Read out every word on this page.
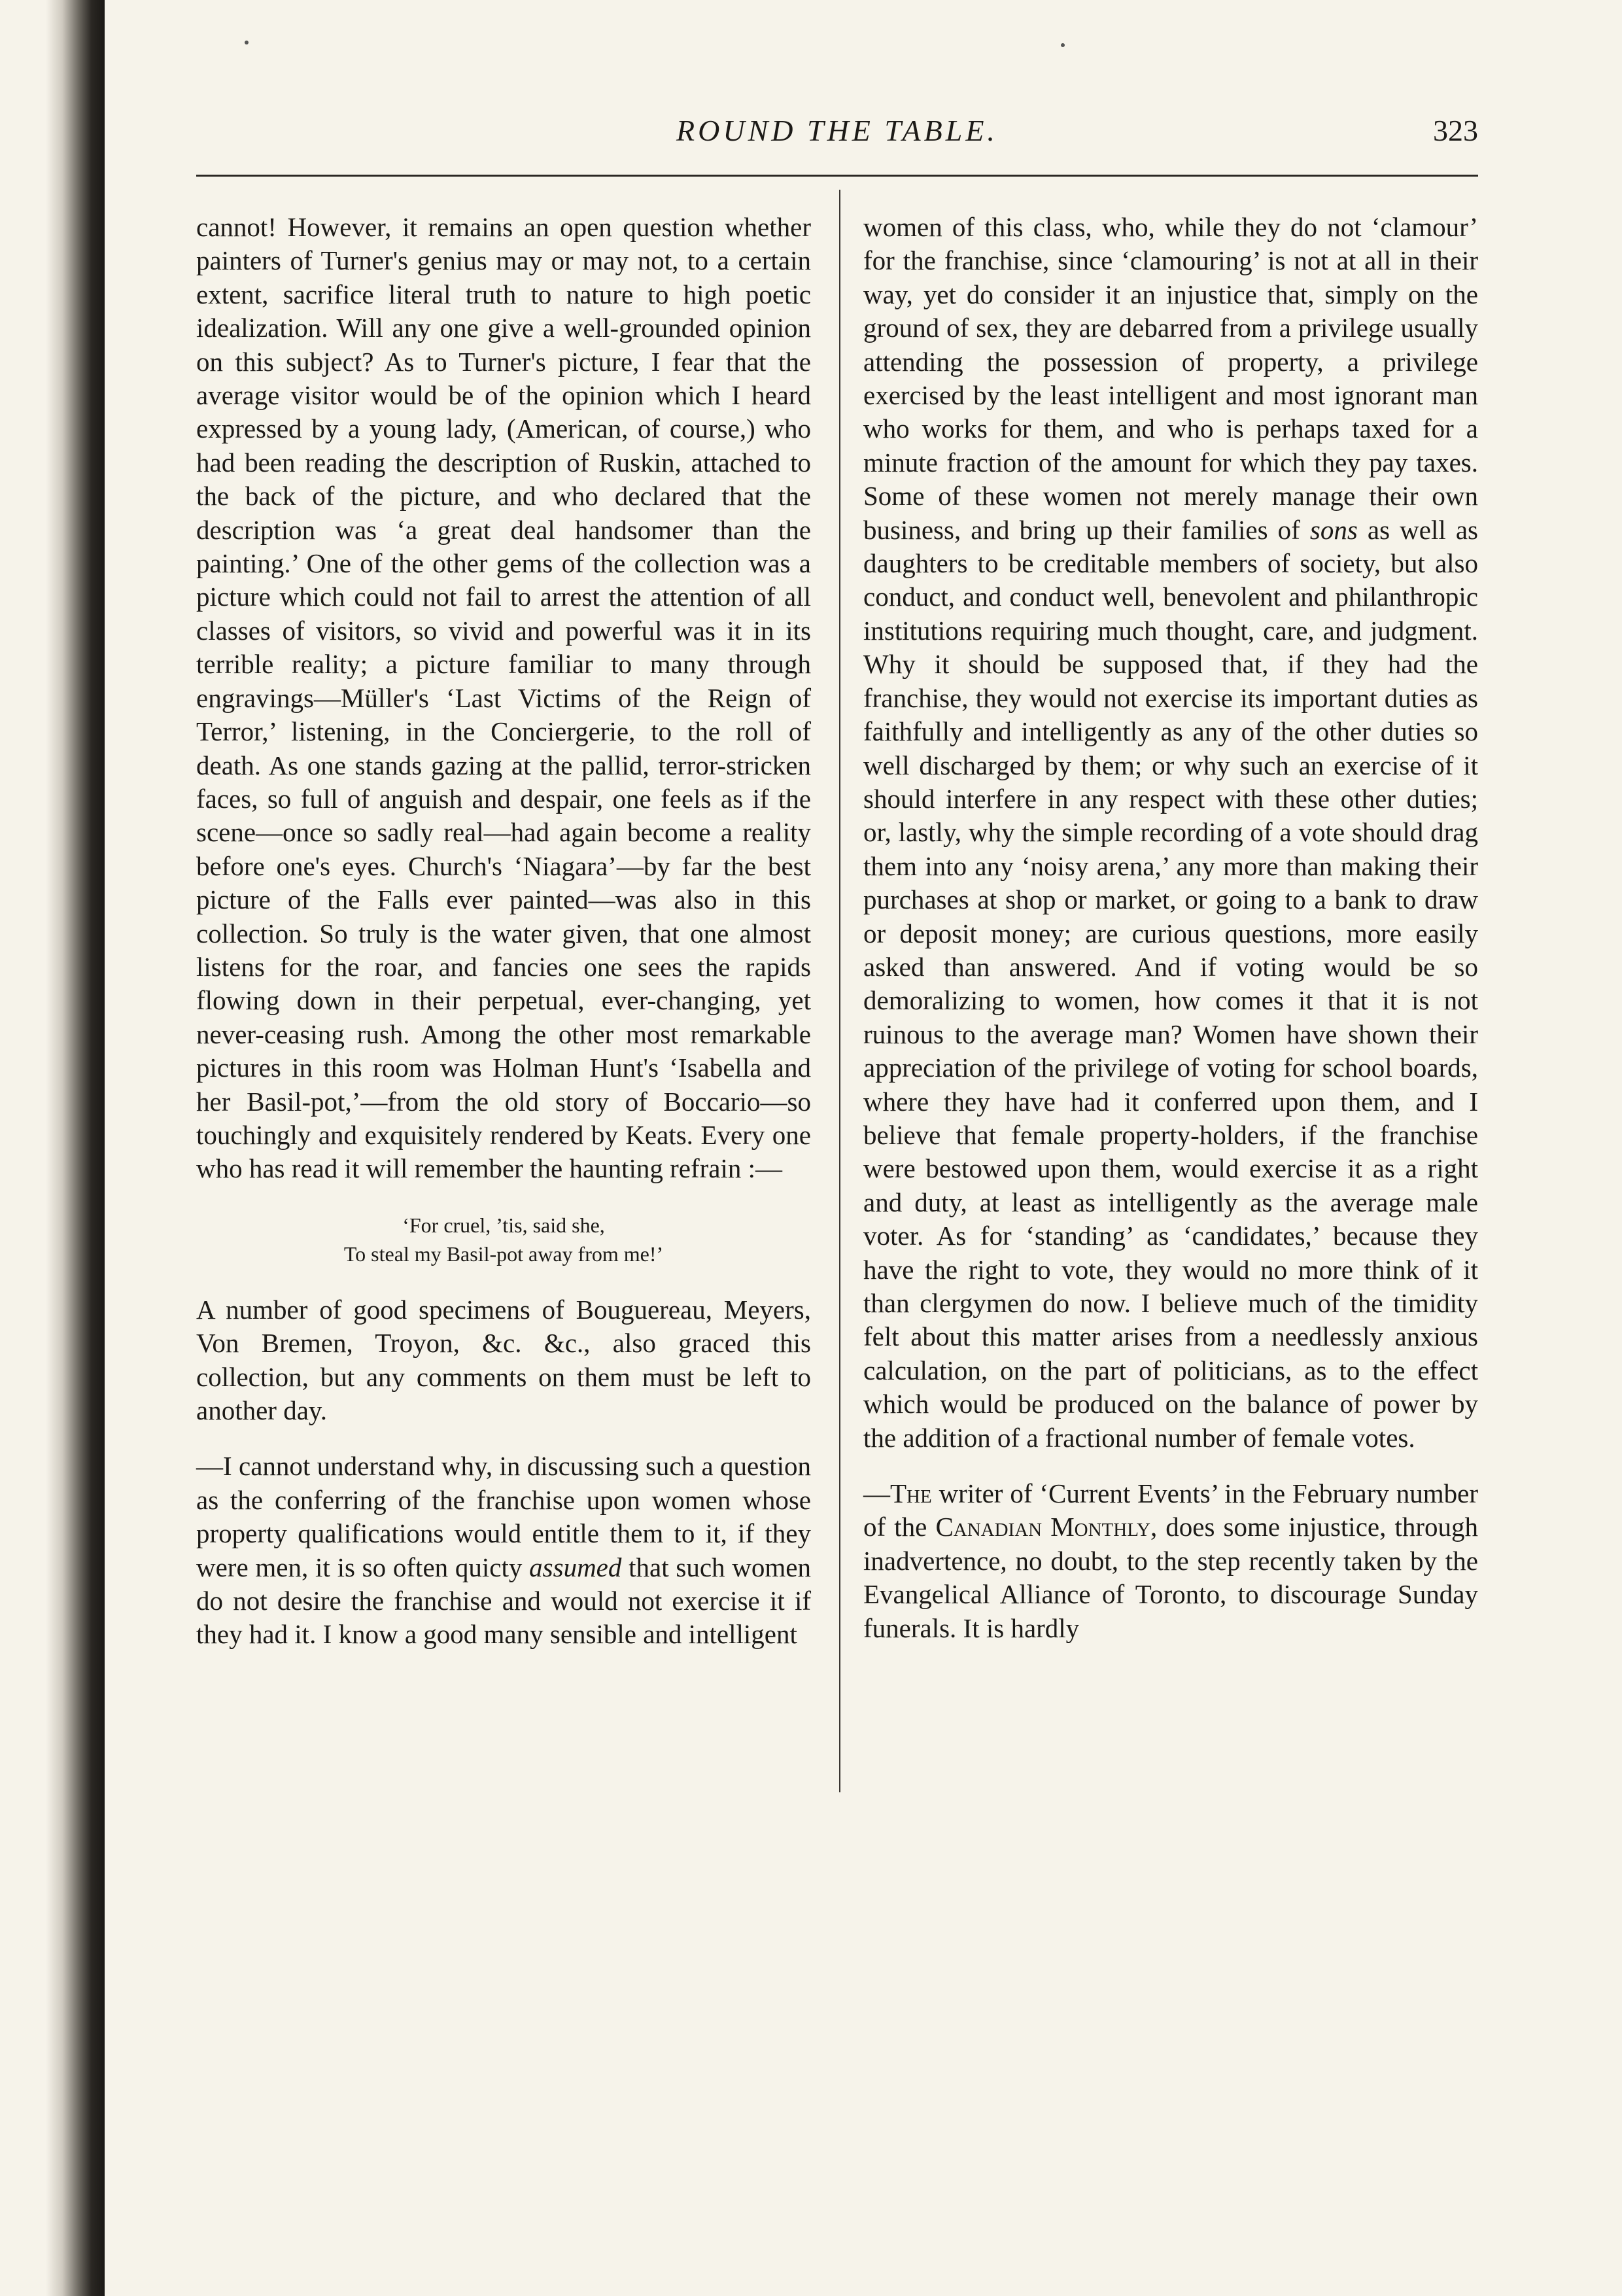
ROUND THE TABLE.	323

cannot! However, it remains an open question whether painters of Turner's genius may or may not, to a certain extent, sacrifice literal truth to nature to high poetic idealization. Will any one give a well-grounded opinion on this subject? As to Turner's picture, I fear that the average visitor would be of the opinion which I heard expressed by a young lady, (American, of course,) who had been reading the description of Ruskin, attached to the back of the picture, and who declared that the description was ‘a great deal handsomer than the painting.’ One of the other gems of the collection was a picture which could not fail to arrest the attention of all classes of visitors, so vivid and powerful was it in its terrible reality; a picture familiar to many through engravings—Müller's ‘Last Victims of the Reign of Terror,’ listening, in the Conciergerie, to the roll of death. As one stands gazing at the pallid, terror-stricken faces, so full of anguish and despair, one feels as if the scene—once so sadly real—had again become a reality before one's eyes. Church's ‘Niagara’—by far the best picture of the Falls ever painted—was also in this collection. So truly is the water given, that one almost listens for the roar, and fancies one sees the rapids flowing down in their perpetual, ever-changing, yet never-ceasing rush. Among the other most remarkable pictures in this room was Holman Hunt's ‘Isabella and her Basil-pot,’—from the old story of Boccario—so touchingly and exquisitely rendered by Keats. Every one who has read it will remember the haunting refrain :—

‘For cruel, ’tis, said she,
To steal my Basil-pot away from me!’

A number of good specimens of Bouguereau, Meyers, Von Bremen, Troyon, &c. &c., also graced this collection, but any comments on them must be left to another day.

—I cannot understand why, in discussing such a question as the conferring of the franchise upon women whose property qualifications would entitle them to it, if they were men, it is so often quicty assumed that such women do not desire the franchise and would not exercise it if they had it. I know a good many sensible and intelligent

women of this class, who, while they do not ‘clamour’ for the franchise, since ‘clamouring’ is not at all in their way, yet do consider it an injustice that, simply on the ground of sex, they are debarred from a privilege usually attending the possession of property, a privilege exercised by the least intelligent and most ignorant man who works for them, and who is perhaps taxed for a minute fraction of the amount for which they pay taxes. Some of these women not merely manage their own business, and bring up their families of sons as well as daughters to be creditable members of society, but also conduct, and conduct well, benevolent and philanthropic institutions requiring much thought, care, and judgment. Why it should be supposed that, if they had the franchise, they would not exercise its important duties as faithfully and intelligently as any of the other duties so well discharged by them; or why such an exercise of it should interfere in any respect with these other duties; or, lastly, why the simple recording of a vote should drag them into any ‘noisy arena,’ any more than making their purchases at shop or market, or going to a bank to draw or deposit money; are curious questions, more easily asked than answered. And if voting would be so demoralizing to women, how comes it that it is not ruinous to the average man? Women have shown their appreciation of the privilege of voting for school boards, where they have had it conferred upon them, and I believe that female property-holders, if the franchise were bestowed upon them, would exercise it as a right and duty, at least as intelligently as the average male voter. As for ‘standing’ as ‘candidates,’ because they have the right to vote, they would no more think of it than clergymen do now. I believe much of the timidity felt about this matter arises from a needlessly anxious calculation, on the part of politicians, as to the effect which would be produced on the balance of power by the addition of a fractional number of female votes.

—The writer of ‘Current Events’ in the February number of the Canadian Monthly, does some injustice, through inadvertence, no doubt, to the step recently taken by the Evangelical Alliance of Toronto, to discourage Sunday funerals. It is hardly
